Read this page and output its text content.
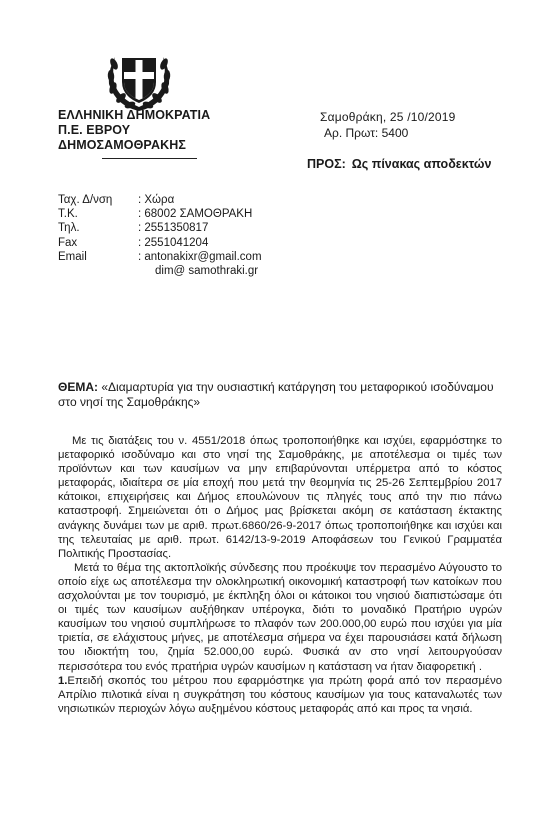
ΕΛΛΗΝΙΚΗ ΔΗΜΟΚΡΑΤΙΑ
Π.Ε. ΕΒΡΟΥ
ΔΗΜΟΣΑΜΟΘΡΑΚΗΣ
Σαμοθράκη, 25 /10/2019
Αρ. Πρωτ: 5400
ΠΡΟΣ: Ως πίνακας αποδεκτών
Ταχ. Δ/νση	: Χώρα
Τ.Κ.	: 68002 ΣΑΜΟΘΡΑΚΗ
Τηλ.	: 2551350817
Fax	: 2551041204
Email	: antonakixr@gmail.com
dim@ samothraki.gr
ΘΕΜΑ: «Διαμαρτυρία για την ουσιαστική κατάργηση του μεταφορικού ισοδύναμου στο νησί της Σαμοθράκης»

Με τις διατάξεις του ν. 4551/2018 όπως τροποποιήθηκε και ισχύει, εφαρμόστηκε το μεταφορικό ισοδύναμο και στο νησί της Σαμοθράκης, με αποτέλεσμα οι τιμές των προϊόντων και των καυσίμων να μην επιβαρύνονται υπέρμετρα από το κόστος μεταφοράς, ιδιαίτερα σε μία εποχή που μετά την θεομηνία τις 25-26 Σεπτεμβρίου 2017 κάτοικοι, επιχειρήσεις και Δήμος επουλώνουν τις πληγές τους από την πιο πάνω καταστροφή. Σημειώνεται ότι ο Δήμος μας βρίσκεται ακόμη σε κατάσταση έκτακτης ανάγκης δυνάμει των με αριθ. πρωτ.6860/26-9-2017 όπως τροποποιήθηκε και ισχύει και της τελευταίας με αριθ. πρωτ. 6142/13-9-2019 Αποφάσεων του Γενικού Γραμματέα Πολιτικής Προστασίας.

Μετά το θέμα της ακτοπλοϊκής σύνδεσης που προέκυψε τον περασμένο Αύγουστο το οποίο είχε ως αποτέλεσμα την ολοκληρωτική οικονομική καταστροφή των κατοίκων που ασχολούνται με τον τουρισμό, με έκπληξη όλοι οι κάτοικοι του νησιού διαπιστώσαμε ότι οι τιμές των καυσίμων αυξήθηκαν υπέρογκα, διότι το μοναδικό Πρατήριο υγρών καυσίμων του νησιού συμπλήρωσε το πλαφόν των 200.000,00 ευρώ που ισχύει για μία τριετία, σε ελάχιστους μήνες, με αποτέλεσμα σήμερα να έχει παρουσιάσει κατά δήλωση του ιδιοκτήτη του, ζημία 52.000,00 ευρώ. Φυσικά αν στο νησί λειτουργούσαν περισσότερα του ενός πρατήρια υγρών καυσίμων η κατάσταση να ήταν διαφορετική .

1.Επειδή σκοπός του μέτρου που εφαρμόστηκε για πρώτη φορά από τον περασμένο Απρίλιο πιλοτικά είναι η συγκράτηση του κόστους καυσίμων για τους καταναλωτές των νησιωτικών περιοχών λόγω αυξημένου κόστους μεταφοράς από και προς τα νησιά.
